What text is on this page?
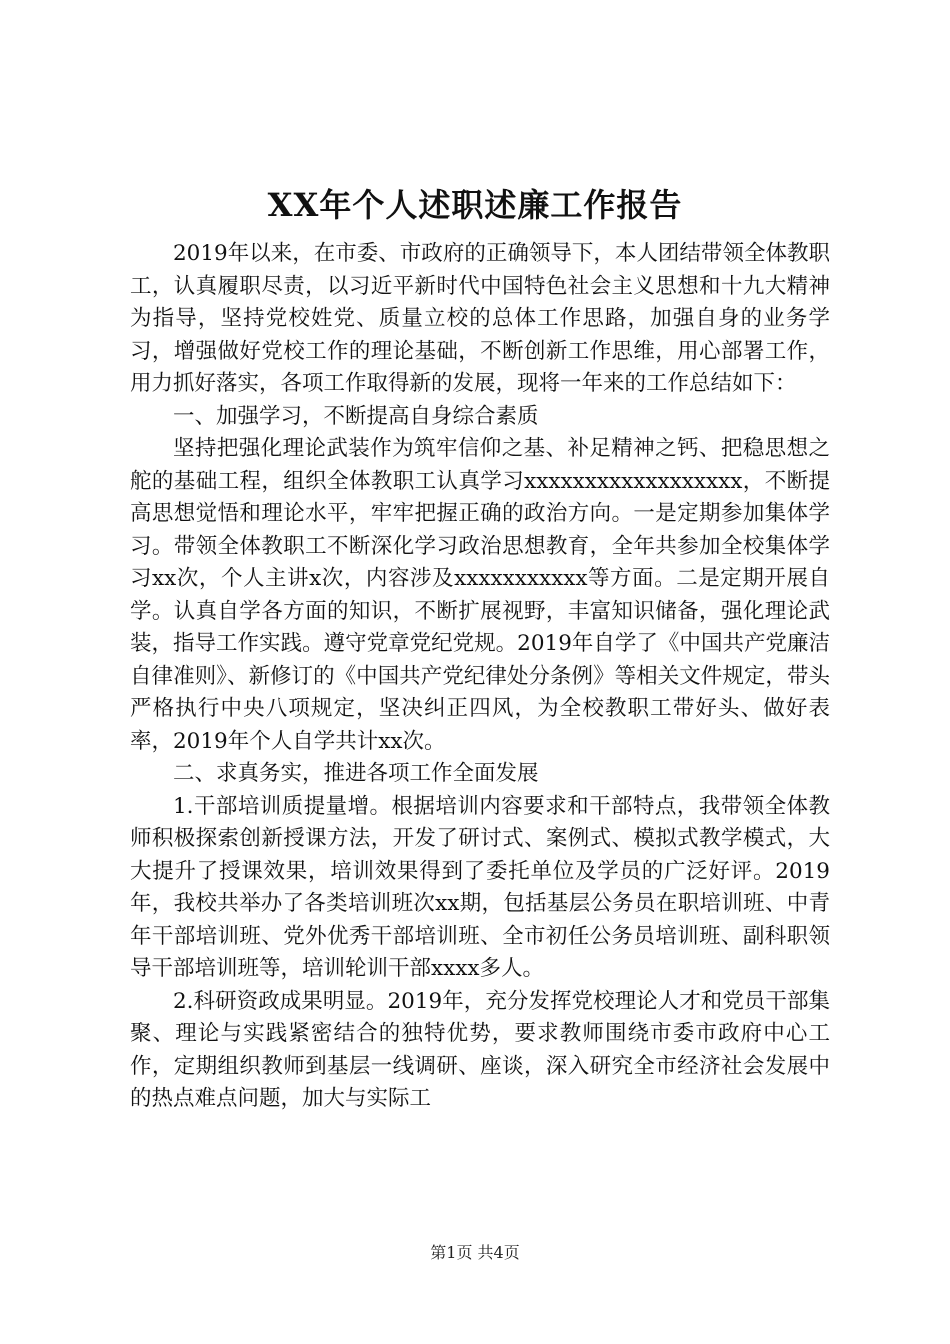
XX年个人述职述廉工作报告

2019年以来，在市委、市政府的正确领导下，本人团结带领全体教职工，认真履职尽责，以习近平新时代中国特色社会主义思想和十九大精神为指导，坚持党校姓党、质量立校的总体工作思路，加强自身的业务学习，增强做好党校工作的理论基础，不断创新工作思维，用心部署工作，用力抓好落实，各项工作取得新的发展，现将一年来的工作总结如下：

一、加强学习，不断提高自身综合素质

坚持把强化理论武装作为筑牢信仰之基、补足精神之钙、把稳思想之舵的基础工程，组织全体教职工认真学习xxxxxxxxxxxxxxxxxx，不断提高思想觉悟和理论水平，牢牢把握正确的政治方向。一是定期参加集体学习。带领全体教职工不断深化学习政治思想教育，全年共参加全校集体学习xx次，个人主讲x次，内容涉及xxxxxxxxxxx等方面。二是定期开展自学。认真自学各方面的知识，不断扩展视野，丰富知识储备，强化理论武装，指导工作实践。遵守党章党纪党规。2019年自学了《中国共产党廉洁自律准则》、新修订的《中国共产党纪律处分条例》等相关文件规定，带头严格执行中央八项规定，坚决纠正四风，为全校教职工带好头、做好表率，2019年个人自学共计xx次。

二、求真务实，推进各项工作全面发展

1.干部培训质提量增。根据培训内容要求和干部特点，我带领全体教师积极探索创新授课方法，开发了研讨式、案例式、模拟式教学模式，大大提升了授课效果，培训效果得到了委托单位及学员的广泛好评。2019年，我校共举办了各类培训班次xx期，包括基层公务员在职培训班、中青年干部培训班、党外优秀干部培训班、全市初任公务员培训班、副科职领导干部培训班等，培训轮训干部xxxx多人。

2.科研资政成果明显。2019年，充分发挥党校理论人才和党员干部集聚、理论与实践紧密结合的独特优势，要求教师围绕市委市政府中心工作，定期组织教师到基层一线调研、座谈，深入研究全市经济社会发展中的热点难点问题，加大与实际工

第1页 共4页
